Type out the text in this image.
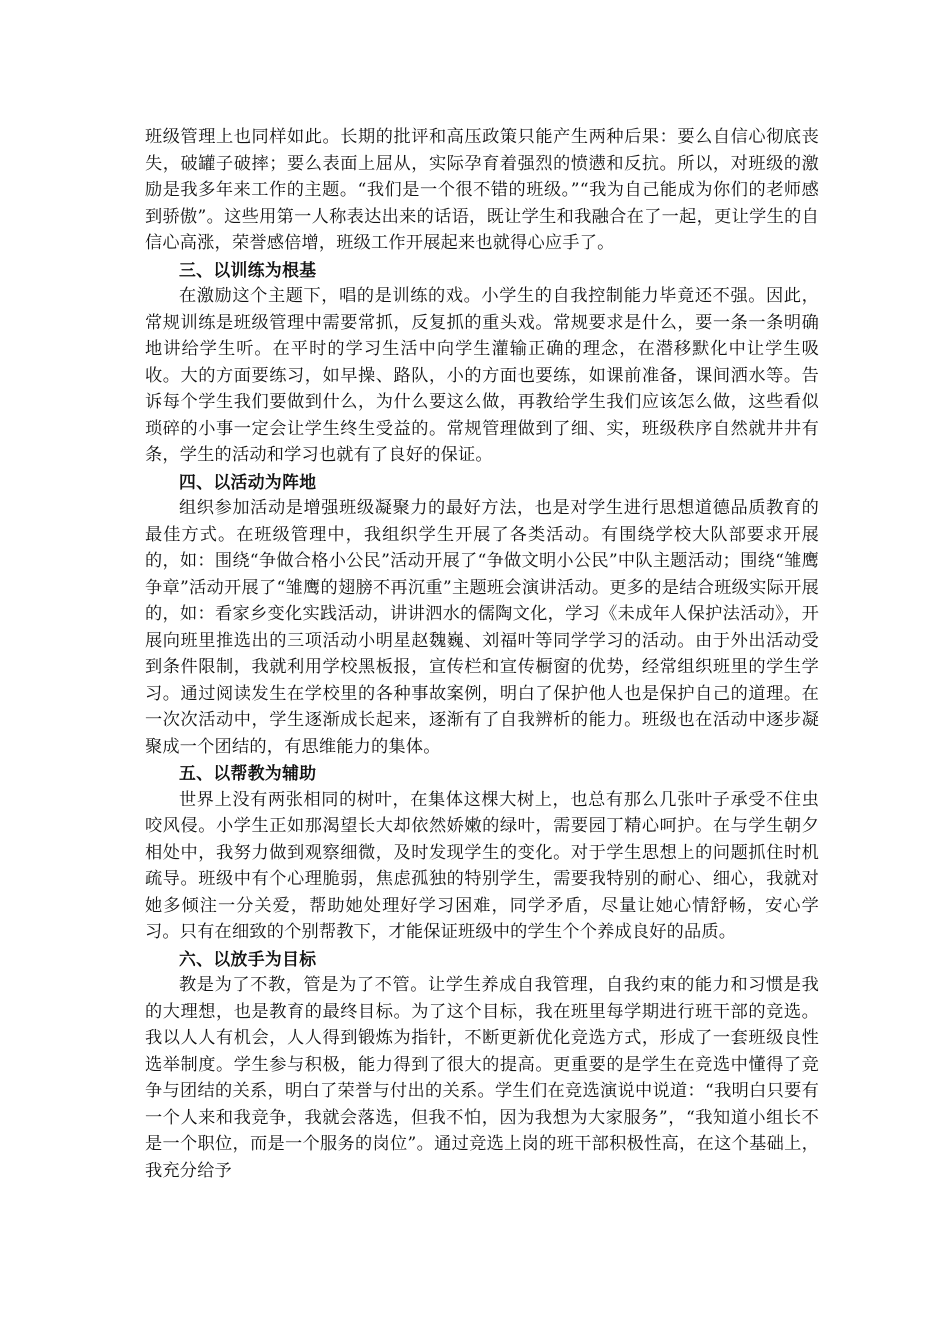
班级管理上也同样如此。长期的批评和高压政策只能产生两种后果：要么自信心彻底丧失，破罐子破摔；要么表面上屈从，实际孕育着强烈的愤懑和反抗。所以，对班级的激励是我多年来工作的主题。“我们是一个很不错的班级。”“我为自己能成为你们的老师感到骄傲”。这些用第一人称表达出来的话语，既让学生和我融合在了一起，更让学生的自信心高涨，荣誉感倍增，班级工作开展起来也就得心应手了。

三、以训练为根基

在激励这个主题下，唱的是训练的戏。小学生的自我控制能力毕竟还不强。因此，常规训练是班级管理中需要常抓，反复抓的重头戏。常规要求是什么，要一条一条明确地讲给学生听。在平时的学习生活中向学生灌输正确的理念，在潜移默化中让学生吸收。大的方面要练习，如早操、路队，小的方面也要练，如课前准备，课间洒水等。告诉每个学生我们要做到什么，为什么要这么做，再教给学生我们应该怎么做，这些看似琐碎的小事一定会让学生终生受益的。常规管理做到了细、实，班级秩序自然就井井有条，学生的活动和学习也就有了良好的保证。

四、以活动为阵地

组织参加活动是增强班级凝聚力的最好方法，也是对学生进行思想道德品质教育的最佳方式。在班级管理中，我组织学生开展了各类活动。有围绕学校大队部要求开展的，如：围绕“争做合格小公民”活动开展了“争做文明小公民”中队主题活动；围绕“雏鹰争章”活动开展了“雏鹰的翅膀不再沉重”主题班会演讲活动。更多的是结合班级实际开展的，如：看家乡变化实践活动，讲讲泗水的儒陶文化，学习《未成年人保护法活动》，开展向班里推选出的三项活动小明星赵魏巍、刘福叶等同学学习的活动。由于外出活动受到条件限制，我就利用学校黑板报，宣传栏和宣传橱窗的优势，经常组织班里的学生学习。通过阅读发生在学校里的各种事故案例，明白了保护他人也是保护自己的道理。在一次次活动中，学生逐渐成长起来，逐渐有了自我辨析的能力。班级也在活动中逐步凝聚成一个团结的，有思维能力的集体。

五、以帮教为辅助

世界上没有两张相同的树叶，在集体这棵大树上，也总有那么几张叶子承受不住虫咬风侵。小学生正如那渴望长大却依然娇嫩的绿叶，需要园丁精心呵护。在与学生朝夕相处中，我努力做到观察细微，及时发现学生的变化。对于学生思想上的问题抓住时机疏导。班级中有个心理脆弱，焦虑孤独的特别学生，需要我特别的耐心、细心，我就对她多倾注一分关爱，帮助她处理好学习困难，同学矛盾，尽量让她心情舒畅，安心学习。只有在细致的个别帮教下，才能保证班级中的学生个个养成良好的品质。

六、以放手为目标

教是为了不教，管是为了不管。让学生养成自我管理，自我约束的能力和习惯是我的大理想，也是教育的最终目标。为了这个目标，我在班里每学期进行班干部的竞选。我以人人有机会，人人得到锻炼为指针，不断更新优化竞选方式，形成了一套班级良性选举制度。学生参与积极，能力得到了很大的提高。更重要的是学生在竞选中懂得了竞争与团结的关系，明白了荣誉与付出的关系。学生们在竞选演说中说道：“我明白只要有一个人来和我竞争，我就会落选，但我不怕，因为我想为大家服务”，“我知道小组长不是一个职位，而是一个服务的岗位”。通过竞选上岗的班干部积极性高，在这个基础上，我充分给予
